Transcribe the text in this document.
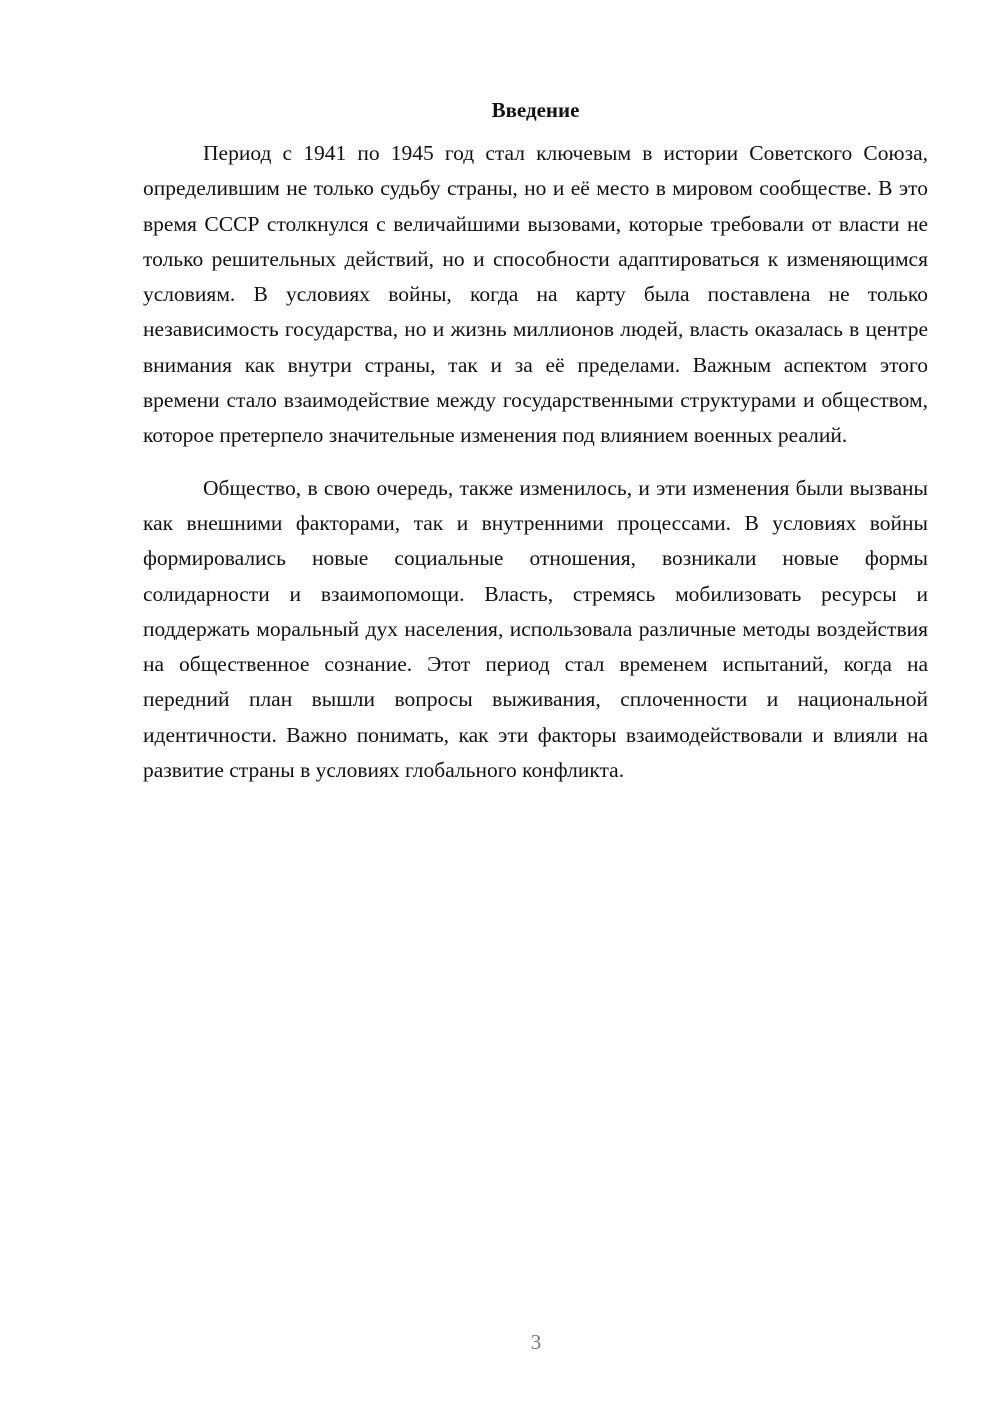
Введение

Период с 1941 по 1945 год стал ключевым в истории Советского Союза, определившим не только судьбу страны, но и её место в мировом сообществе. В это время СССР столкнулся с величайшими вызовами, которые требовали от власти не только решительных действий, но и способности адаптироваться к изменяющимся условиям. В условиях войны, когда на карту была поставлена не только независимость государства, но и жизнь миллионов людей, власть оказалась в центре внимания как внутри страны, так и за её пределами. Важным аспектом этого времени стало взаимодействие между государственными структурами и обществом, которое претерпело значительные изменения под влиянием военных реалий.

Общество, в свою очередь, также изменилось, и эти изменения были вызваны как внешними факторами, так и внутренними процессами. В условиях войны формировались новые социальные отношения, возникали новые формы солидарности и взаимопомощи. Власть, стремясь мобилизовать ресурсы и поддержать моральный дух населения, использовала различные методы воздействия на общественное сознание. Этот период стал временем испытаний, когда на передний план вышли вопросы выживания, сплоченности и национальной идентичности. Важно понимать, как эти факторы взаимодействовали и влияли на развитие страны в условиях глобального конфликта.

3
